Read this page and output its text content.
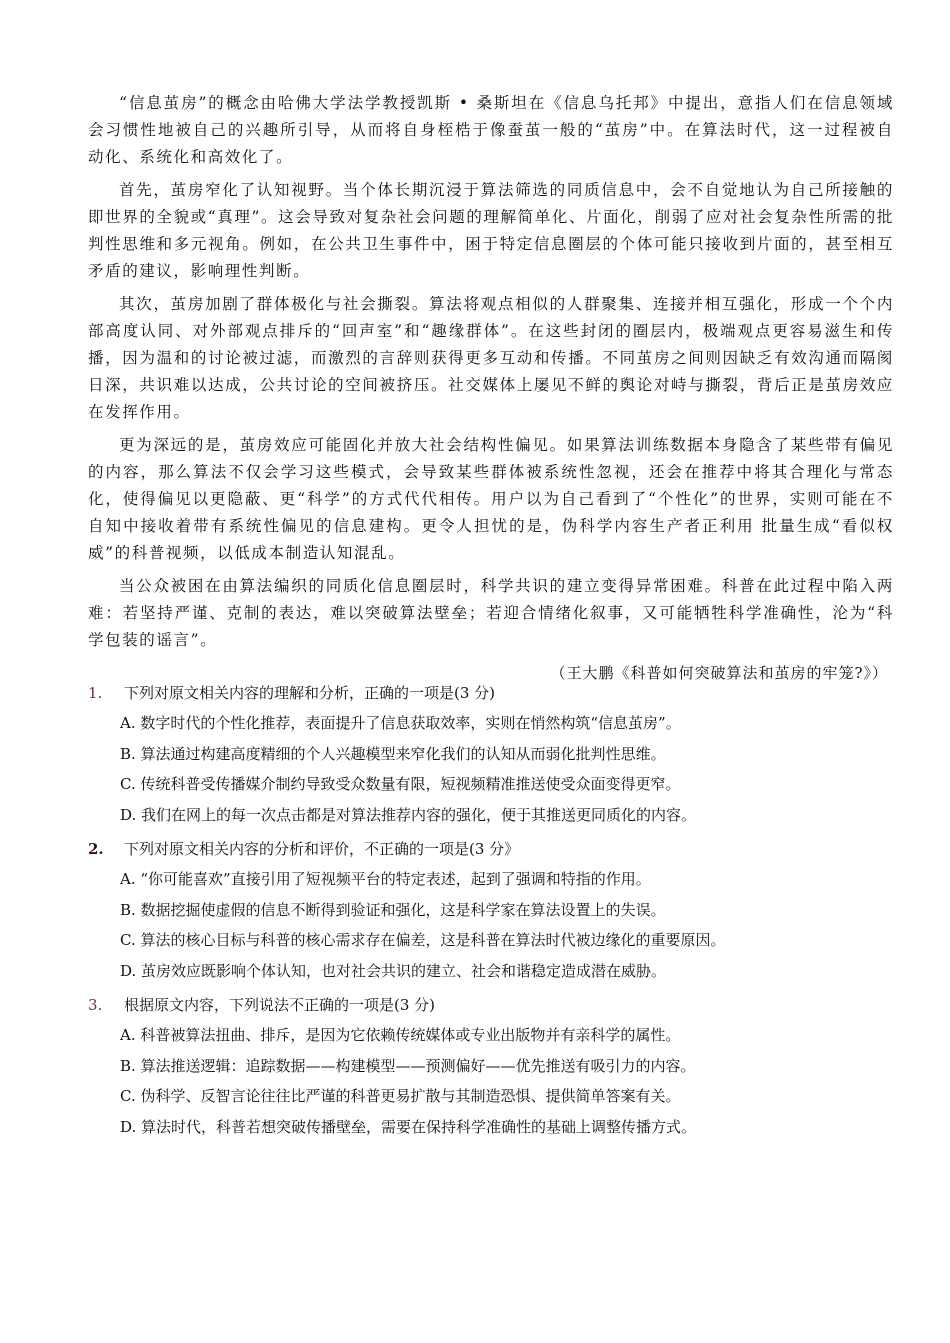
“信息茧房”的概念由哈佛大学法学教授凯斯 • 桑斯坦在《信息乌托邦》中提出，意指人们在信息领域 会习惯性地被自己的兴趣所引导，从而将自身桎梏于像蚕茧一般的“茧房”中。在算法时代，这一过程被自 动化、系统化和高效化了。

首先，茧房窄化了认知视野。当个体长期沉浸于算法筛选的同质信息中，会不自觉地认为自己所接触的即世界的全貌或“真理”。这会导致对复杂社会问题的理解简单化、片面化，削弱了应对社会复杂性所需的批判性思维和多元视角。例如，在公共卫生事件中，困于特定信息圈层的个体可能只接收到片面的，甚至相互矛盾的建议，影响理性判断。

其次，茧房加剧了群体极化与社会撕裂。算法将观点相似的人群聚集、连接并相互强化，形成一个个内部高度认同、对外部观点排斥的“回声室”和“趣缘群体”。在这些封闭的圈层内，极端观点更容易滋生和传播，因为温和的讨论被过滤，而激烈的言辞则获得更多互动和传播。不同茧房之间则因缺乏有效沟通而隔阂日深，共识难以达成，公共讨论的空间被挤压。社交媒体上屡见不鲜的舆论对峙与撕裂，背后正是茧房效应在发挥作用。

更为深远的是，茧房效应可能固化并放大社会结构性偏见。如果算法训练数据本身隐含了某些带有偏见的内容，那么算法不仅会学习这些模式，会导致某些群体被系统性忽视，还会在推荐中将其合理化与常态化，使得偏见以更隐蔽、更“科学”的方式代代相传。用户以为自己看到了“个性化”的世界，实则可能在不自知中接收着带有系统性偏见的信息建构。更令人担忧的是，伪科学内容生产者正利用 批量生成“看似权威”的科普视频，以低成本制造认知混乱。

当公众被困在由算法编织的同质化信息圈层时，科学共识的建立变得异常困难。科普在此过程中陷入两难：若坚持严谨、克制的表达，难以突破算法壁垒；若迎合情绪化叙事，又可能牺牲科学准确性，沦为“科学包装的谣言”。

（王大鹏《科普如何突破算法和茧房的牢笼?》）

1.	下列对原文相关内容的理解和分析，正确的一项是(3 分)
A. 数字时代的个性化推荐，表面提升了信息获取效率，实则在悄然构筑“信息茧房”。
B. 算法通过构建高度精细的个人兴趣模型来窄化我们的认知从而弱化批判性思维。
C. 传统科普受传播媒介制约导致受众数量有限，短视频精准推送使受众面变得更窄。
D. 我们在网上的每一次点击都是对算法推荐内容的强化，便于其推送更同质化的内容。
2.	下列对原文相关内容的分析和评价，不正确的一项是(3 分》
A. “你可能喜欢”直接引用了短视频平台的特定表述，起到了强调和特指的作用。
B. 数据挖掘使虚假的信息不断得到验证和强化，这是科学家在算法设置上的失误。
C. 算法的核心目标与科普的核心需求存在偏差，这是科普在算法时代被边缘化的重要原因。
D. 茧房效应既影响个体认知，也对社会共识的建立、社会和谐稳定造成潜在威胁。
3.	根据原文内容，下列说法不正确的一项是(3 分)
A. 科普被算法扭曲、排斥，是因为它依赖传统媒体或专业出版物并有亲科学的属性。
B. 算法推送逻辑：追踪数据——构建模型——预测偏好——优先推送有吸引力的内容。
C. 伪科学、反智言论往往比严谨的科普更易扩散与其制造恐惧、提供简单答案有关。
D. 算法时代，科普若想突破传播壁垒，需要在保持科学准确性的基础上调整传播方式。
